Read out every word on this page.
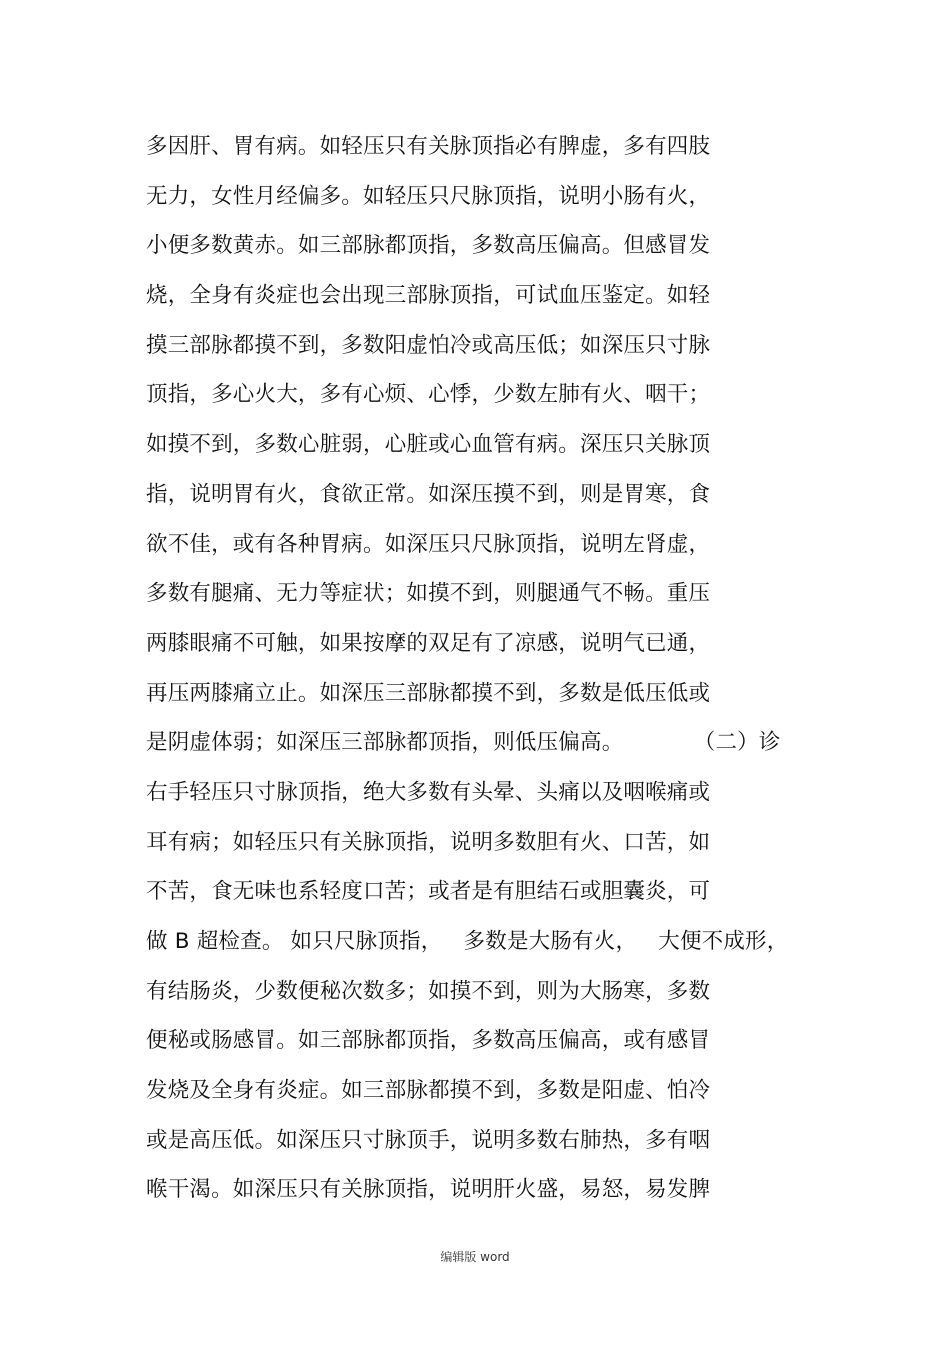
多因肝、胃有病。如轻压只有关脉顶指必有脾虚，多有四肢
无力，女性月经偏多。如轻压只尺脉顶指，说明小肠有火，
小便多数黄赤。如三部脉都顶指，多数高压偏高。但感冒发
烧，全身有炎症也会出现三部脉顶指，可试血压鉴定。如轻
摸三部脉都摸不到，多数阳虚怕冷或高压低；如深压只寸脉
顶指，多心火大，多有心烦、心悸，少数左肺有火、咽干；
如摸不到，多数心脏弱，心脏或心血管有病。深压只关脉顶
指，说明胃有火，食欲正常。如深压摸不到，则是胃寒，食
欲不佳，或有各种胃病。如深压只尺脉顶指，说明左肾虚，
多数有腿痛、无力等症状；如摸不到，则腿通气不畅。重压
两膝眼痛不可触，如果按摩的双足有了凉感，说明气已通，
再压两膝痛立止。如深压三部脉都摸不到，多数是低压低或
是阴虚体弱；如深压三部脉都顶指，则低压偏高。          （二）诊
右手轻压只寸脉顶指，绝大多数有头晕、头痛以及咽喉痛或
耳有病；如轻压只有关脉顶指，说明多数胆有火、口苦，如
不苦，食无味也系轻度口苦；或者是有胆结石或胆囊炎，可
做 B 超检查。 如只尺脉顶指，   多数是大肠有火，   大便不成形，
有结肠炎，少数便秘次数多；如摸不到，则为大肠寒，多数
便秘或肠感冒。如三部脉都顶指，多数高压偏高，或有感冒
发烧及全身有炎症。如三部脉都摸不到，多数是阳虚、怕冷
或是高压低。如深压只寸脉顶手，说明多数右肺热，多有咽
喉干渴。如深压只有关脉顶指，说明肝火盛，易怒，易发脾
编辑版 word
